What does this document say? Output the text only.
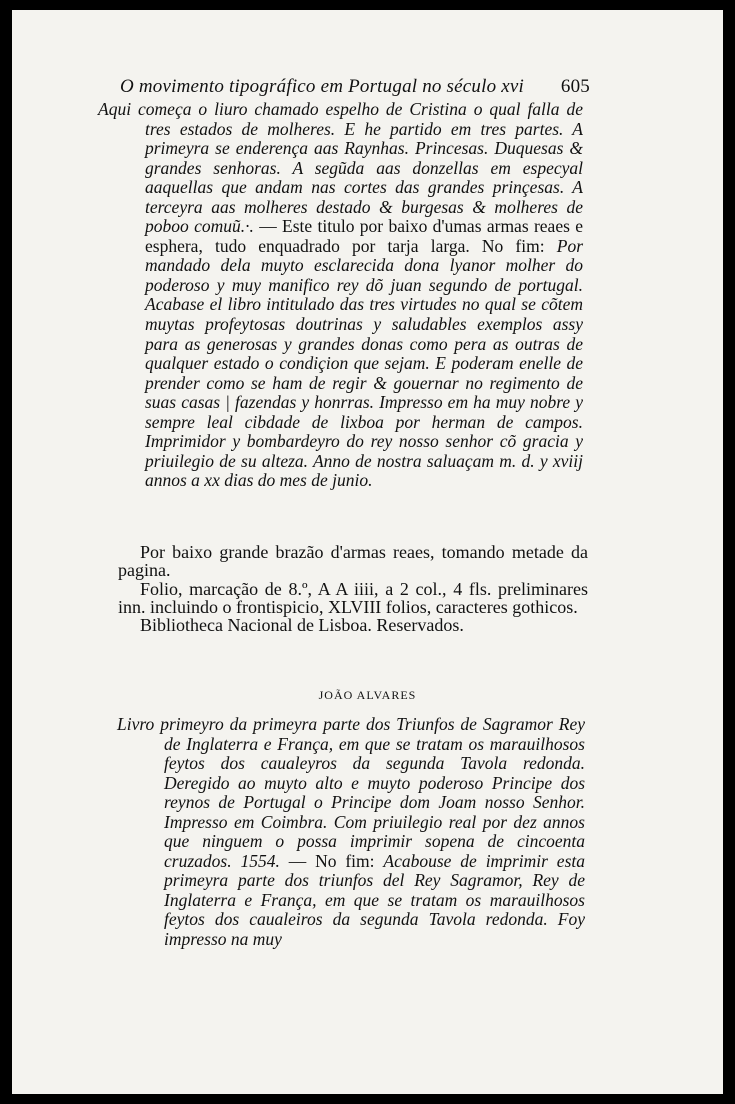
O movimento tipográfico em Portugal no século xvi 605

Aqui começa o liuro chamado espelho de Cristina o qual falla de tres estados de molheres. E he partido em tres partes. A primeyra se enderença aas Raynhas. Princesas. Duquesas & grandes senhoras. A segũda aas donzellas em especyal aaquellas que andam nas cortes das grandes prinçesas. A terceyra aas molheres destado & burgesas & molheres de poboo comuũ.·. — Este titulo por baixo d'umas armas reaes e esphera, tudo enquadrado por tarja larga. No fim: Por mandado dela muyto esclarecida dona lyanor molher do poderoso y muy manifico rey dõ juan segundo de portugal. Acabase el libro intitulado das tres virtudes no qual se cõtem muytas profeytosas doutrinas y saludables exemplos assy para as generosas y grandes donas como pera as outras de qualquer estado o condiçion que sejam. E poderam enelle de prender como se ham de regir & gouernar no regimento de suas casas | fazendas y honrras. Impresso em ha muy nobre y sempre leal cibdade de lixboa por herman de campos. Imprimidor y bombardeyro do rey nosso senhor cõ gracia y priuilegio de su alteza. Anno de nostra saluaçam m. d. y xviij annos a xx dias do mes de junio.

Por baixo grande brazão d'armas reaes, tomando metade da pagina.

Folio, marcação de 8.º, A A iiii, a 2 col., 4 fls. preliminares inn. incluindo o frontispicio, XLVIII folios, caracteres gothicos.

Bibliotheca Nacional de Lisboa. Reservados.

JOÃO ALVARES

Livro primeyro da primeyra parte dos Triunfos de Sagramor Rey de Inglaterra e França, em que se tratam os marauilhosos feytos dos caualeyros da segunda Tavola redonda. Deregido ao muyto alto e muyto poderoso Principe dos reynos de Portugal o Principe dom Joam nosso Senhor. Impresso em Coimbra. Com priuilegio real por dez annos que ninguem o possa imprimir sopena de cincoenta cruzados. 1554. — No fim: Acabouse de imprimir esta primeyra parte dos triunfos del Rey Sagramor, Rey de Inglaterra e França, em que se tratam os marauilhosos feytos dos caualeiros da segunda Tavola redonda. Foy impresso na muy
